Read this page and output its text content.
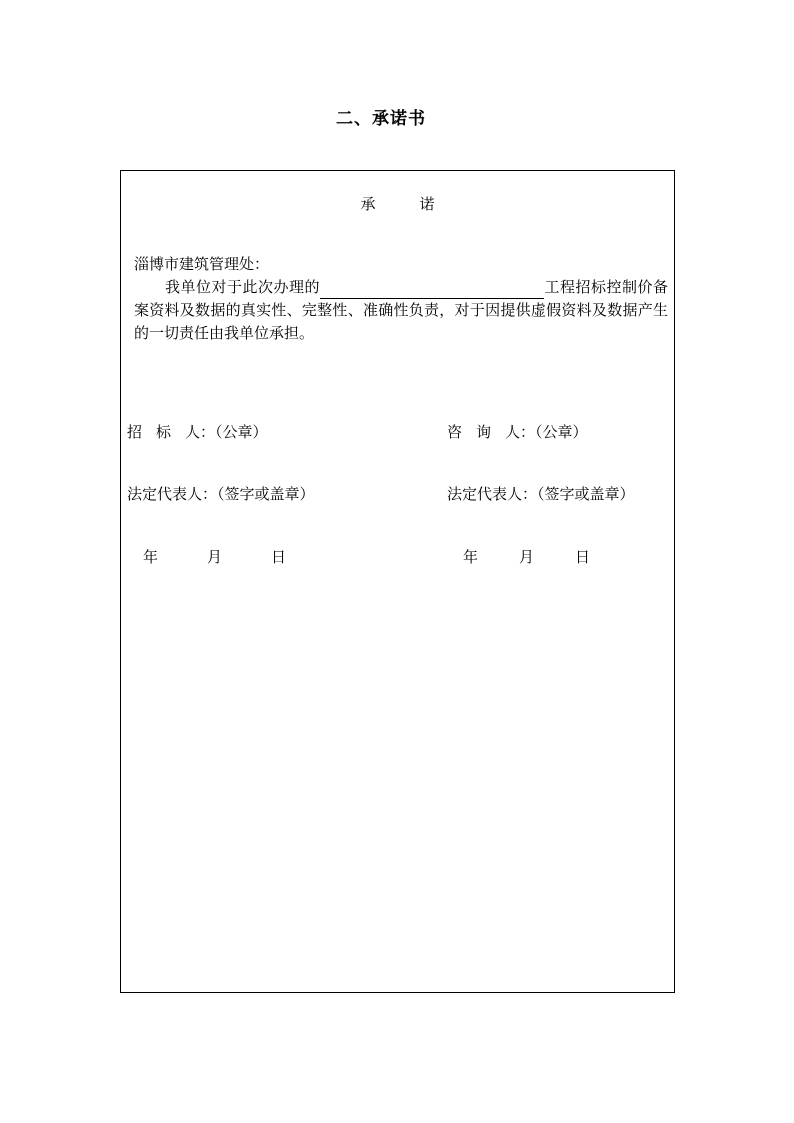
二、承诺书
承	诺

淄博市建筑管理处：

我单位对于此次办理的	工程招标控制价备案资料及数据的真实性、完整性、准确性负责，对于因提供虚假资料及数据产生的一切责任由我单位承担。

招 标 人：（公章）	咨 询 人：（公章）
法定代表人：（签字或盖章）	法定代表人：（签字或盖章）
年	月	日	年	月	日
